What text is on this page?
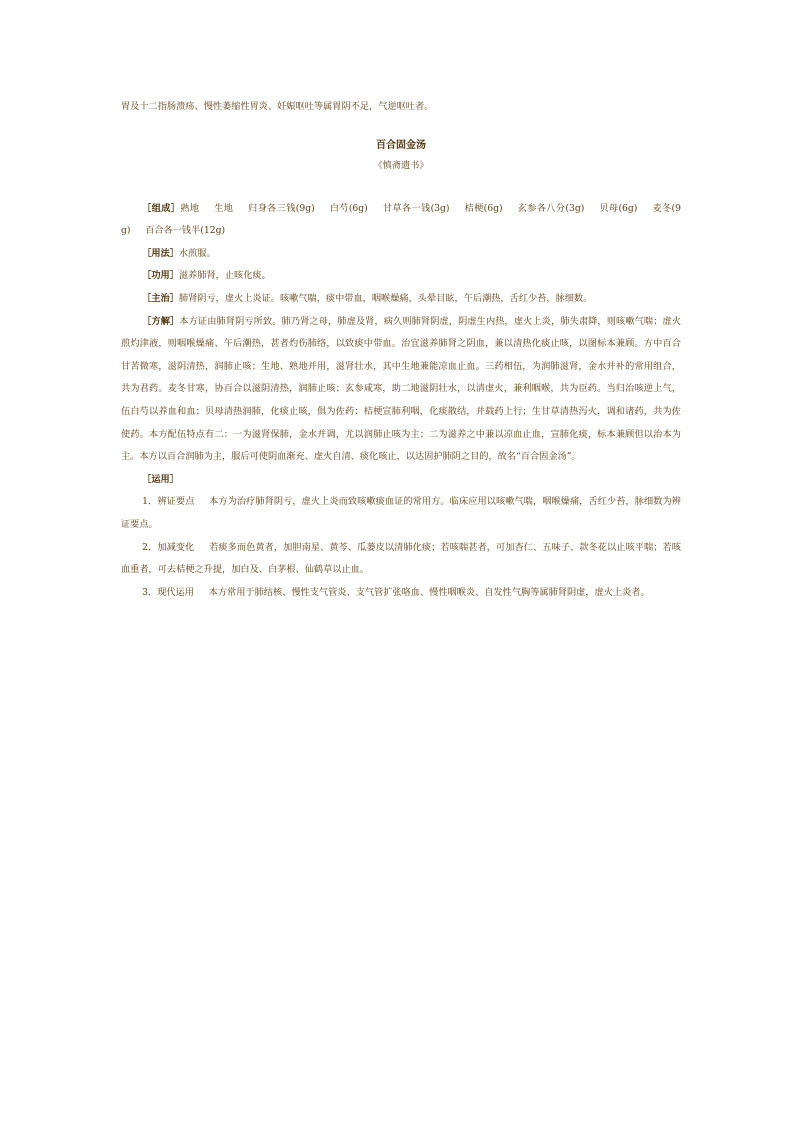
胃及十二指肠溃疡、慢性萎缩性胃炎、妊娠呕吐等属胃阴不足，气逆呕吐者。

百合固金汤

《慎斋遗书》

［组成］熟地 生地 归身各三钱(9g) 白芍(6g) 甘草各一钱(3g) 桔梗(6g) 玄参各八分(3g) 贝母(6g) 麦冬(9g) 百合各一钱半(12g)

［用法］水煎服。

［功用］滋养肺肾，止咳化痰。

［主治］肺肾阴亏，虚火上炎证。咳嗽气喘，痰中带血，咽喉燥痛，头晕目眩，午后潮热，舌红少苔，脉细数。

［方解］本方证由肺肾阴亏所致。肺乃肾之母，肺虚及肾，病久则肺肾阴虚，阴虚生内热，虚火上炎，肺失肃降，则咳嗽气喘；虚火煎灼津液，则咽喉燥痛、午后潮热，甚者灼伤肺络，以致痰中带血。治宜滋养肺肾之阴血，兼以清热化痰止咳，以图标本兼顾。方中百合甘苦微寒，滋阴清热，润肺止咳；生地、熟地并用，滋肾壮水，其中生地兼能凉血止血。三药相伍，为润肺滋肾，金水并补的常用组合，共为君药。麦冬甘寒，协百合以滋阴清热，润肺止咳；玄参咸寒，助二地滋阴壮水，以清虚火，兼利咽喉，共为臣药。当归治咳逆上气，伍白芍以养血和血；贝母清热润肺，化痰止咳，俱为佐药；桔梗宣肺利咽，化痰散结，并载药上行；生甘草清热泻火，调和诸药，共为佐使药。本方配伍特点有二：一为滋肾保肺，金水并调，尤以润肺止咳为主；二为滋养之中兼以凉血止血，宣肺化痰，标本兼顾但以治本为主。本方以百合润肺为主，服后可使阴血渐充、虚火自清、痰化咳止，以达固护肺阴之目的，故名“百合固金汤”。

［运用］

1．辨证要点 本方为治疗肺肾阴亏，虚火上炎而致咳嗽痰血证的常用方。临床应用以咳嗽气喘，咽喉燥痛，舌红少苔，脉细数为辨证要点。

2．加减变化 若痰多而色黄者，加胆南星、黄芩、瓜蒌皮以清肺化痰；若咳喘甚者，可加杏仁、五味子、款冬花以止咳平喘；若咳血重者，可去桔梗之升提，加白及、白茅根、仙鹤草以止血。

3．现代运用 本方常用于肺结核、慢性支气管炎、支气管扩张咯血、慢性咽喉炎、自发性气胸等属肺肾阴虚，虚火上炎者。
